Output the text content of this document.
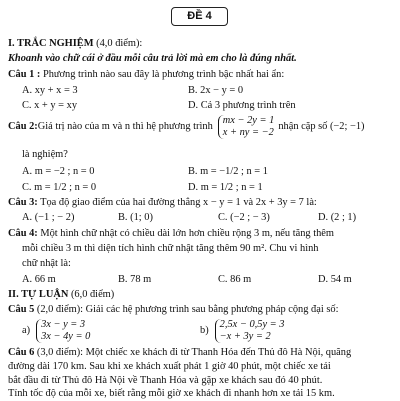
ĐỀ 4
I. TRẮC NGHIỆM (4,0 điểm):
Khoanh vào chữ cái ở đầu mỗi câu trả lời mà em cho là đúng nhất.
Câu 1 : Phương trình nào sau đây là phương trình bậc nhất hai ẩn:
A. xy + x = 3	B. 2x − y = 0
C. x + y = xy	D. Cả 3 phương trình trên
Câu 2: Giá trị nào của m và n thì hệ phương trình
mx − 2y = 1
x + ny = −2
nhận cặp số (−2; −1)
là nghiệm?
A. m = −2 ; n = 0	B. m = −1/2 ; n = 1
C. m = 1/2 ; n = 0	D. m = 1/2 ; n = 1
Câu 3: Tọa độ giao điểm của hai đường thẳng x − y = 1 và 2x + 3y = 7 là:
A. (−1 ; − 2)	B. (1; 0)	C. (−2 ; − 3)	D. (2 ; 1)
Câu 4: Một hình chữ nhật có chiều dài lớn hơn chiều rộng 3 m, nếu tăng thêm
mỗi chiều 3 m thì diện tích hình chữ nhật tăng thêm 90 m². Chu vi hình
chữ nhật là:
A. 66 m	B. 78 m	C. 86 m	D. 54 m
II. TỰ LUẬN (6,0 điểm)
Câu 5 (2,0 điểm): Giải các hệ phương trình sau bằng phương pháp cộng đại số:
a)
3x − y = 3
3x − 4y = 0
b)
2,5x − 0,5y = 3
−x + 3y = 2
Câu 6 (3,0 điểm): Một chiếc xe khách đi từ Thanh Hóa đến Thủ đô Hà Nội, quãng
đường dài 170 km. Sau khi xe khách xuất phát 1 giờ 40 phút, một chiếc xe tải
bắt đầu đi từ Thủ đô Hà Nội về Thanh Hóa và gặp xe khách sau đó 40 phút.
Tính tốc độ của mỗi xe, biết rằng mỗi giờ xe khách đi nhanh hơn xe tải 15 km.
